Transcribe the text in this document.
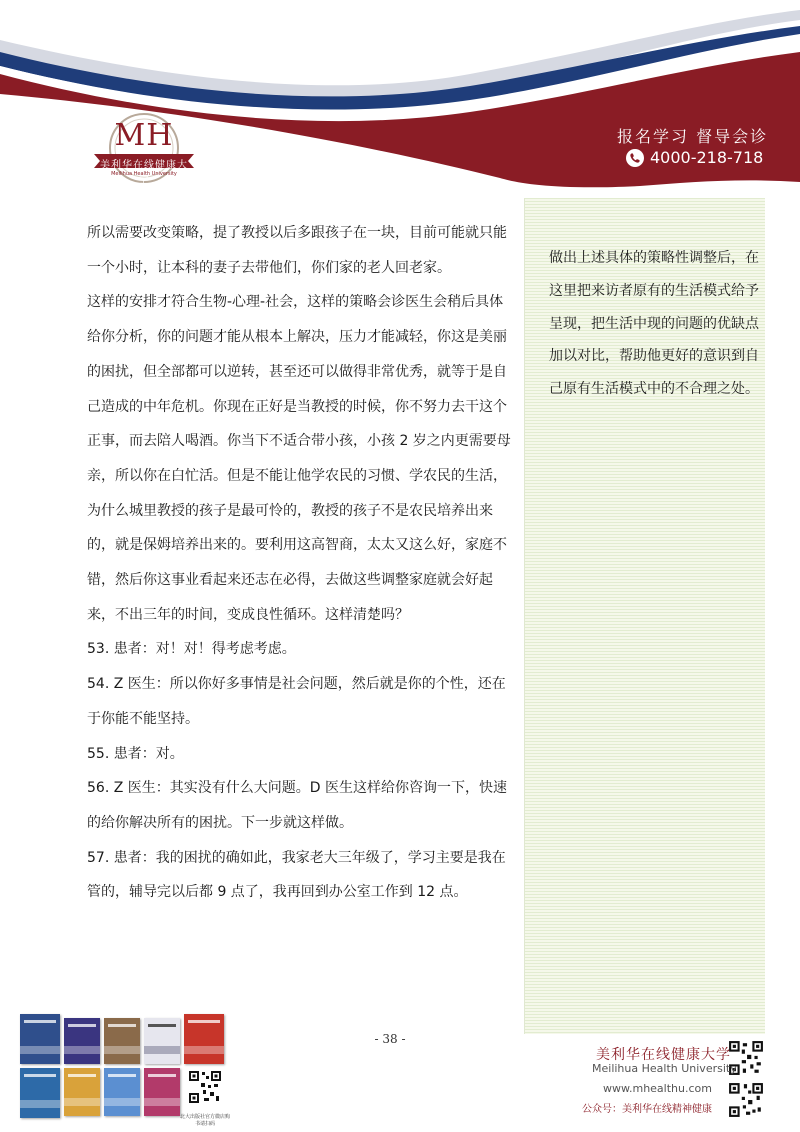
MH
美利华在线健康大学
Meilihua Health University
报名学习 督导会诊
4000-218-718
做出上述具体的策略性调整后，在这里把来访者原有的生活模式给予呈现，把生活中现的问题的优缺点加以对比，帮助他更好的意识到自己原有生活模式中的不合理之处。

所以需要改变策略，提了教授以后多跟孩子在一块，目前可能就只能一个小时，让本科的妻子去带他们，你们家的老人回老家。

这样的安排才符合生物-心理-社会，这样的策略会诊医生会稍后具体给你分析，你的问题才能从根本上解决，压力才能减轻，你这是美丽的困扰，但全部都可以逆转，甚至还可以做得非常优秀，就等于是自己造成的中年危机。你现在正好是当教授的时候，你不努力去干这个正事，而去陪人喝酒。你当下不适合带小孩，小孩 2 岁之内更需要母亲，所以你在白忙活。但是不能让他学农民的习惯、学农民的生活，为什么城里教授的孩子是最可怜的，教授的孩子不是农民培养出来的，就是保姆培养出来的。要利用这高智商，太太又这么好，家庭不错，然后你这事业看起来还志在必得，去做这些调整家庭就会好起来，不出三年的时间，变成良性循环。这样清楚吗？

53. 患者：对！对！得考虑考虑。

54. Z 医生：所以你好多事情是社会问题，然后就是你的个性，还在于你能不能坚持。

55. 患者：对。

56. Z 医生：其实没有什么大问题。D 医生这样给你咨询一下，快速的给你解决所有的困扰。下一步就这样做。

57. 患者：我的困扰的确如此，我家老大三年级了，学习主要是我在管的，辅导完以后都 9 点了，我再回到办公室工作到 12 点。

- 38 -
北大出版社官方微店购书请扫码
美利华在线健康大学
Meilihua Health University
www.mhealthu.com
公众号：美利华在线精神健康
